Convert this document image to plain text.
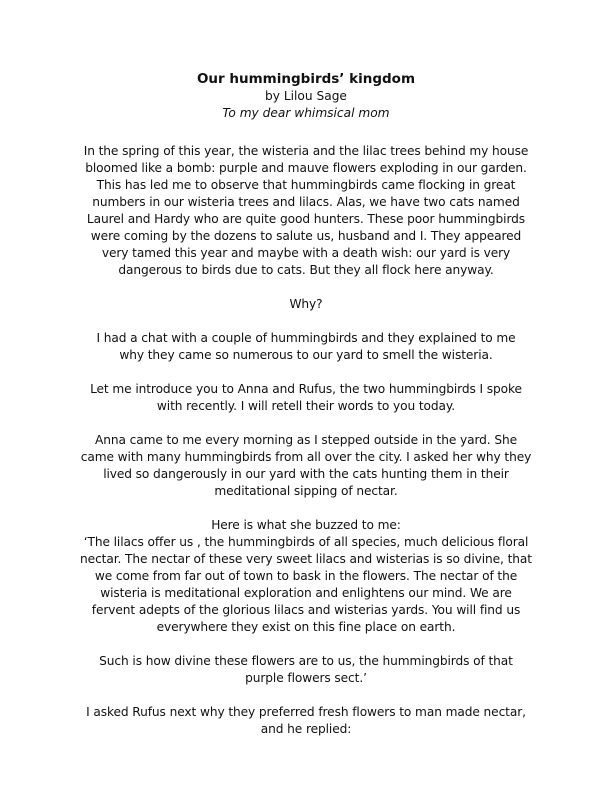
Our hummingbirds’ kingdom

by Lilou Sage

To my dear whimsical mom

In the spring of this year, the wisteria and the lilac trees behind my house
bloomed like a bomb: purple and mauve flowers exploding in our garden.
This has led me to observe that hummingbirds came flocking in great
numbers in our wisteria trees and lilacs. Alas, we have two cats named
Laurel and Hardy who are quite good hunters. These poor hummingbirds
were coming by the dozens to salute us, husband and I. They appeared
very tamed this year and maybe with a death wish: our yard is very
dangerous to birds due to cats. But they all flock here anyway.

Why?

I had a chat with a couple of hummingbirds and they explained to me
why they came so numerous to our yard to smell the wisteria.

Let me introduce you to Anna and Rufus, the two hummingbirds I spoke
with recently. I will retell their words to you today.

Anna came to me every morning as I stepped outside in the yard. She
came with many hummingbirds from all over the city. I asked her why they
lived so dangerously in our yard with the cats hunting them in their
meditational sipping of nectar.

Here is what she buzzed to me:
‘The lilacs offer us , the hummingbirds of all species, much delicious floral
nectar. The nectar of these very sweet lilacs and wisterias is so divine, that
we come from far out of town to bask in the flowers. The nectar of the
wisteria is meditational exploration and enlightens our mind. We are
fervent adepts of the glorious lilacs and wisterias yards. You will find us
everywhere they exist on this fine place on earth.

Such is how divine these flowers are to us, the hummingbirds of that
purple flowers sect.’

I asked Rufus next why they preferred fresh flowers to man made nectar,
and he replied:
